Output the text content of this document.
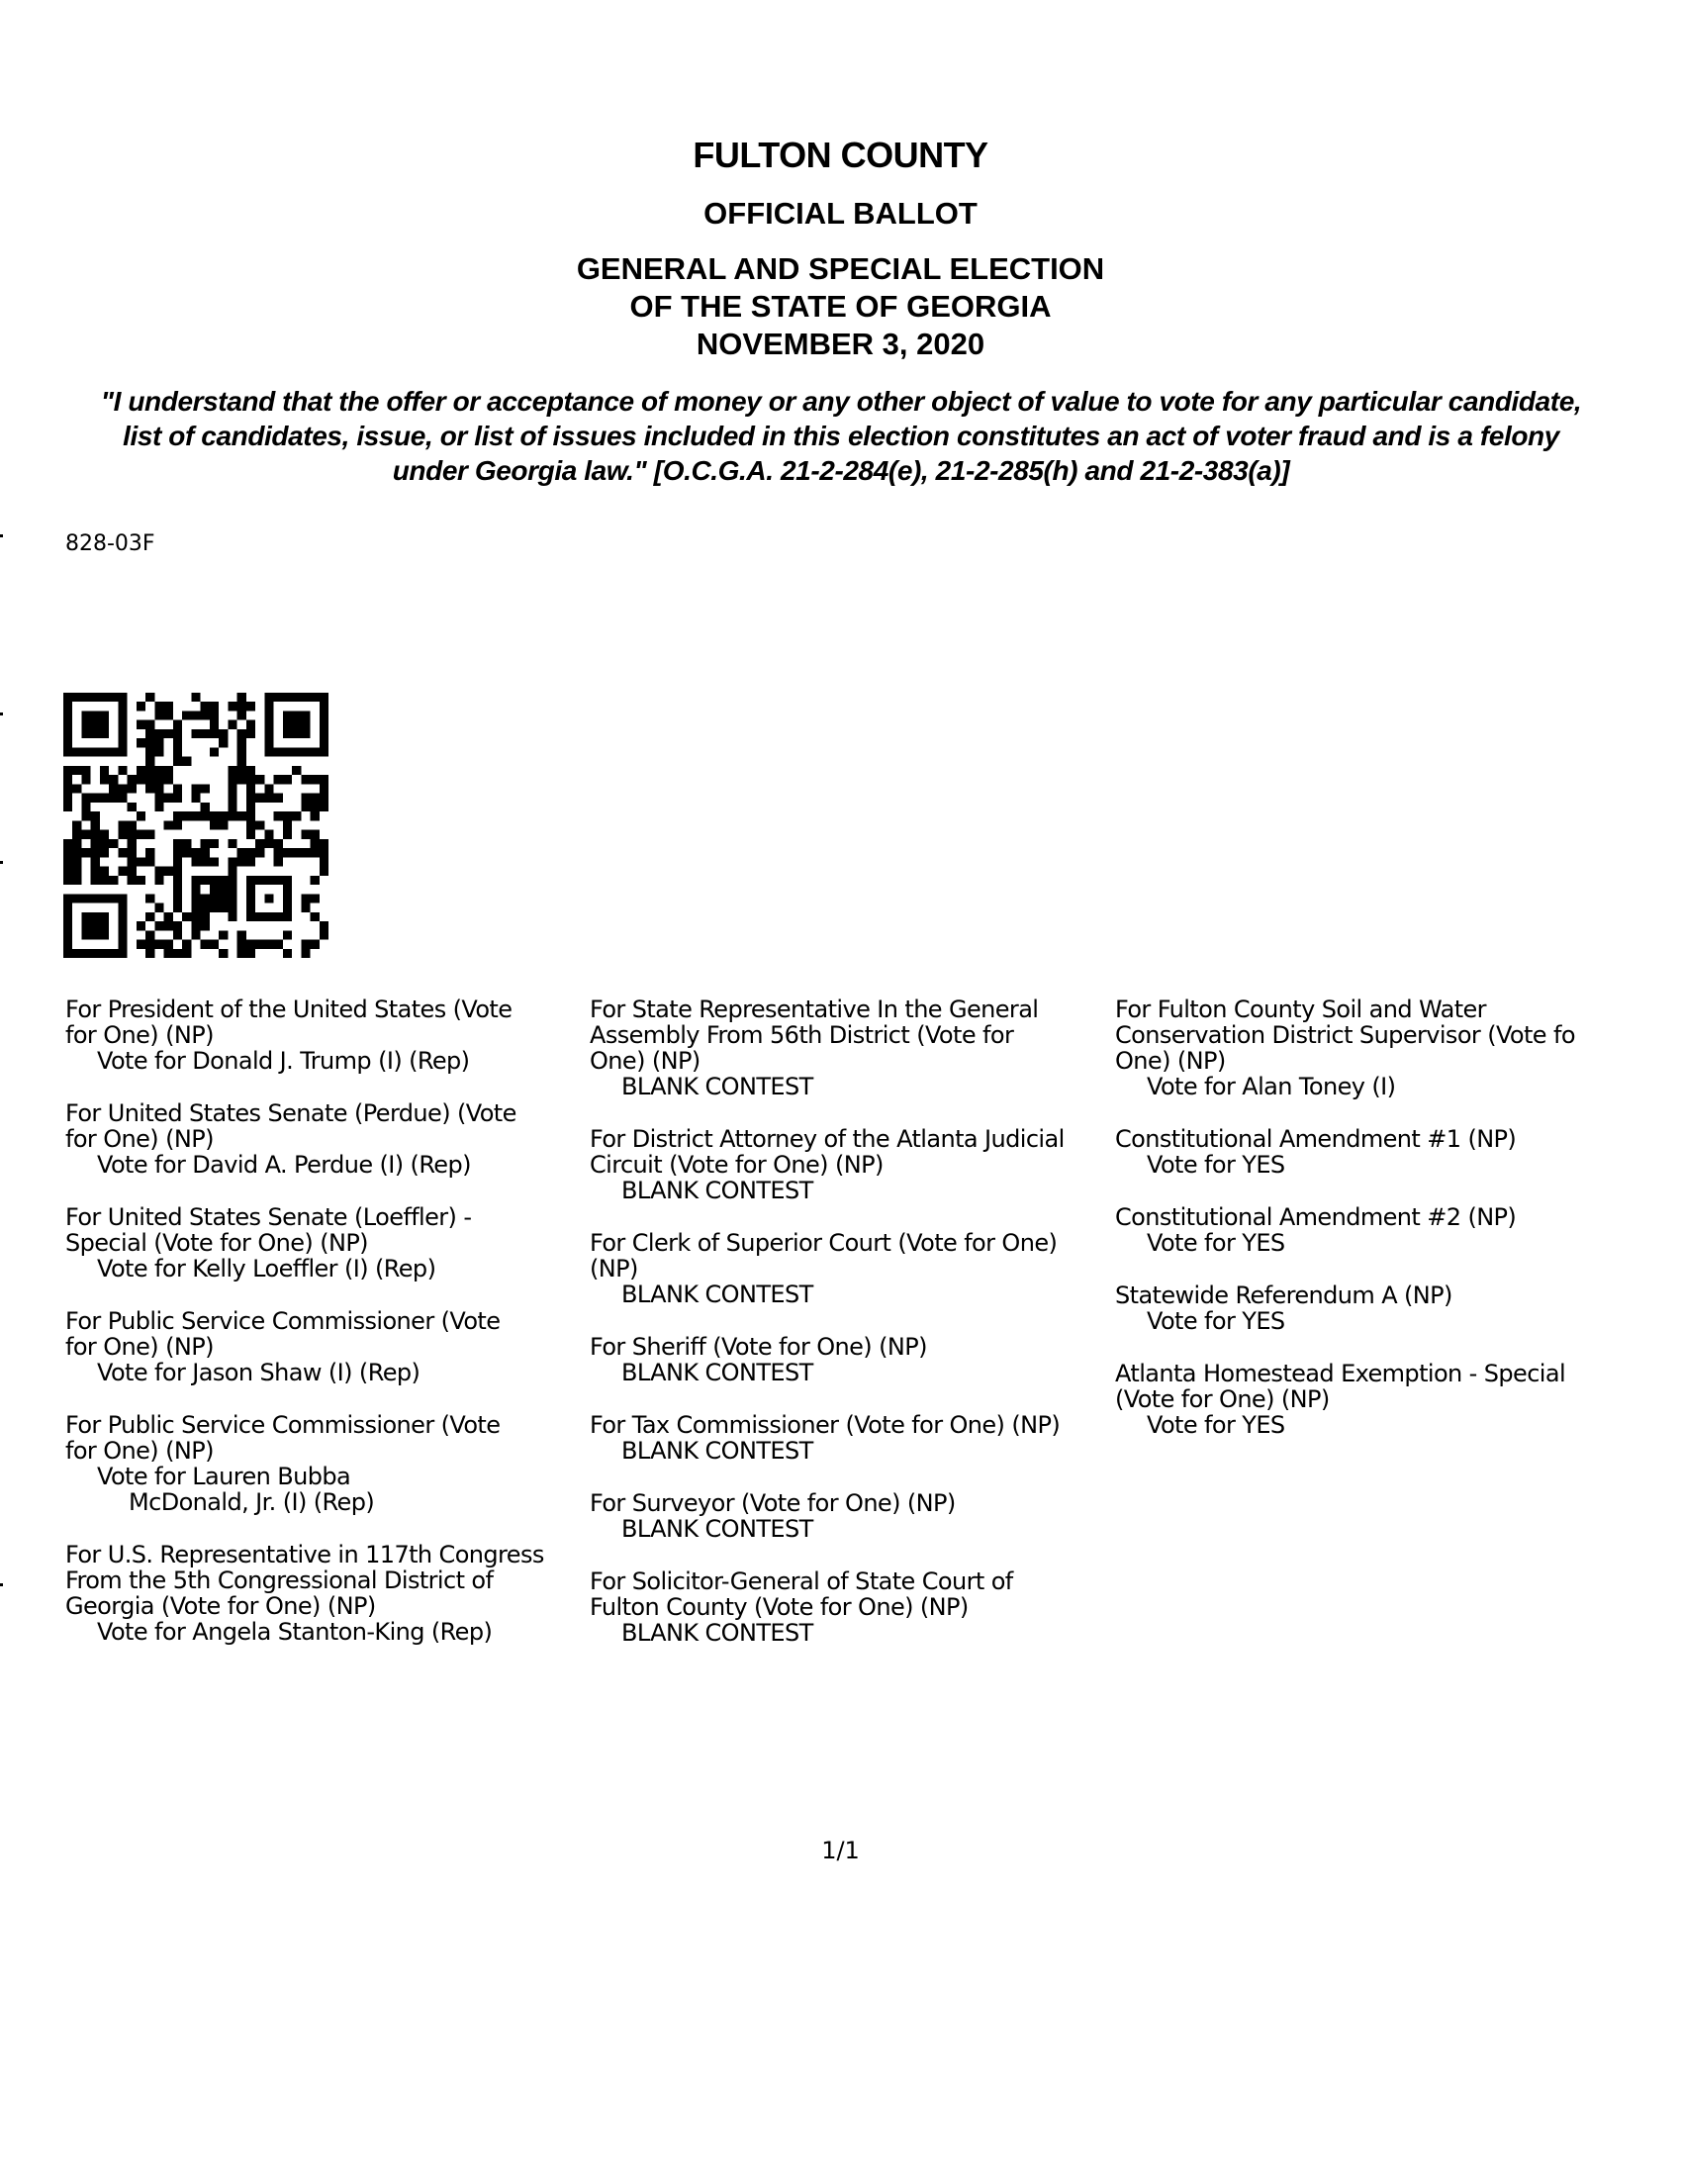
FULTON COUNTY
OFFICIAL BALLOT
GENERAL AND SPECIAL ELECTION
OF THE STATE OF GEORGIA
NOVEMBER 3, 2020
"I understand that the offer or acceptance of money or any other object of value to vote for any particular candidate,
list of candidates, issue, or list of issues included in this election constitutes an act of voter fraud and is a felony
under Georgia law." [O.C.G.A. 21-2-284(e), 21-2-285(h) and 21-2-383(a)]
828-03F
For President of the United States (Vote
for One) (NP)
Vote for Donald J. Trump (I) (Rep)
For United States Senate (Perdue) (Vote
for One) (NP)
Vote for David A. Perdue (I) (Rep)
For United States Senate (Loeffler) -
Special (Vote for One) (NP)
Vote for Kelly Loeffler (I) (Rep)
For Public Service Commissioner (Vote
for One) (NP)
Vote for Jason Shaw (I) (Rep)
For Public Service Commissioner (Vote
for One) (NP)
Vote for Lauren Bubba
McDonald, Jr. (I) (Rep)
For U.S. Representative in 117th Congress
From the 5th Congressional District of
Georgia (Vote for One) (NP)
Vote for Angela Stanton-King (Rep)
For State Representative In the General
Assembly From 56th District (Vote for
One) (NP)
BLANK CONTEST
For District Attorney of the Atlanta Judicial
Circuit (Vote for One) (NP)
BLANK CONTEST
For Clerk of Superior Court (Vote for One)
(NP)
BLANK CONTEST
For Sheriff (Vote for One) (NP)
BLANK CONTEST
For Tax Commissioner (Vote for One) (NP)
BLANK CONTEST
For Surveyor (Vote for One) (NP)
BLANK CONTEST
For Solicitor-General of State Court of
Fulton County (Vote for One) (NP)
BLANK CONTEST
For Fulton County Soil and Water
Conservation District Supervisor (Vote fo
One) (NP)
Vote for Alan Toney (I)
Constitutional Amendment #1 (NP)
Vote for YES
Constitutional Amendment #2 (NP)
Vote for YES
Statewide Referendum A (NP)
Vote for YES
Atlanta Homestead Exemption - Special
(Vote for One) (NP)
Vote for YES
1/1
